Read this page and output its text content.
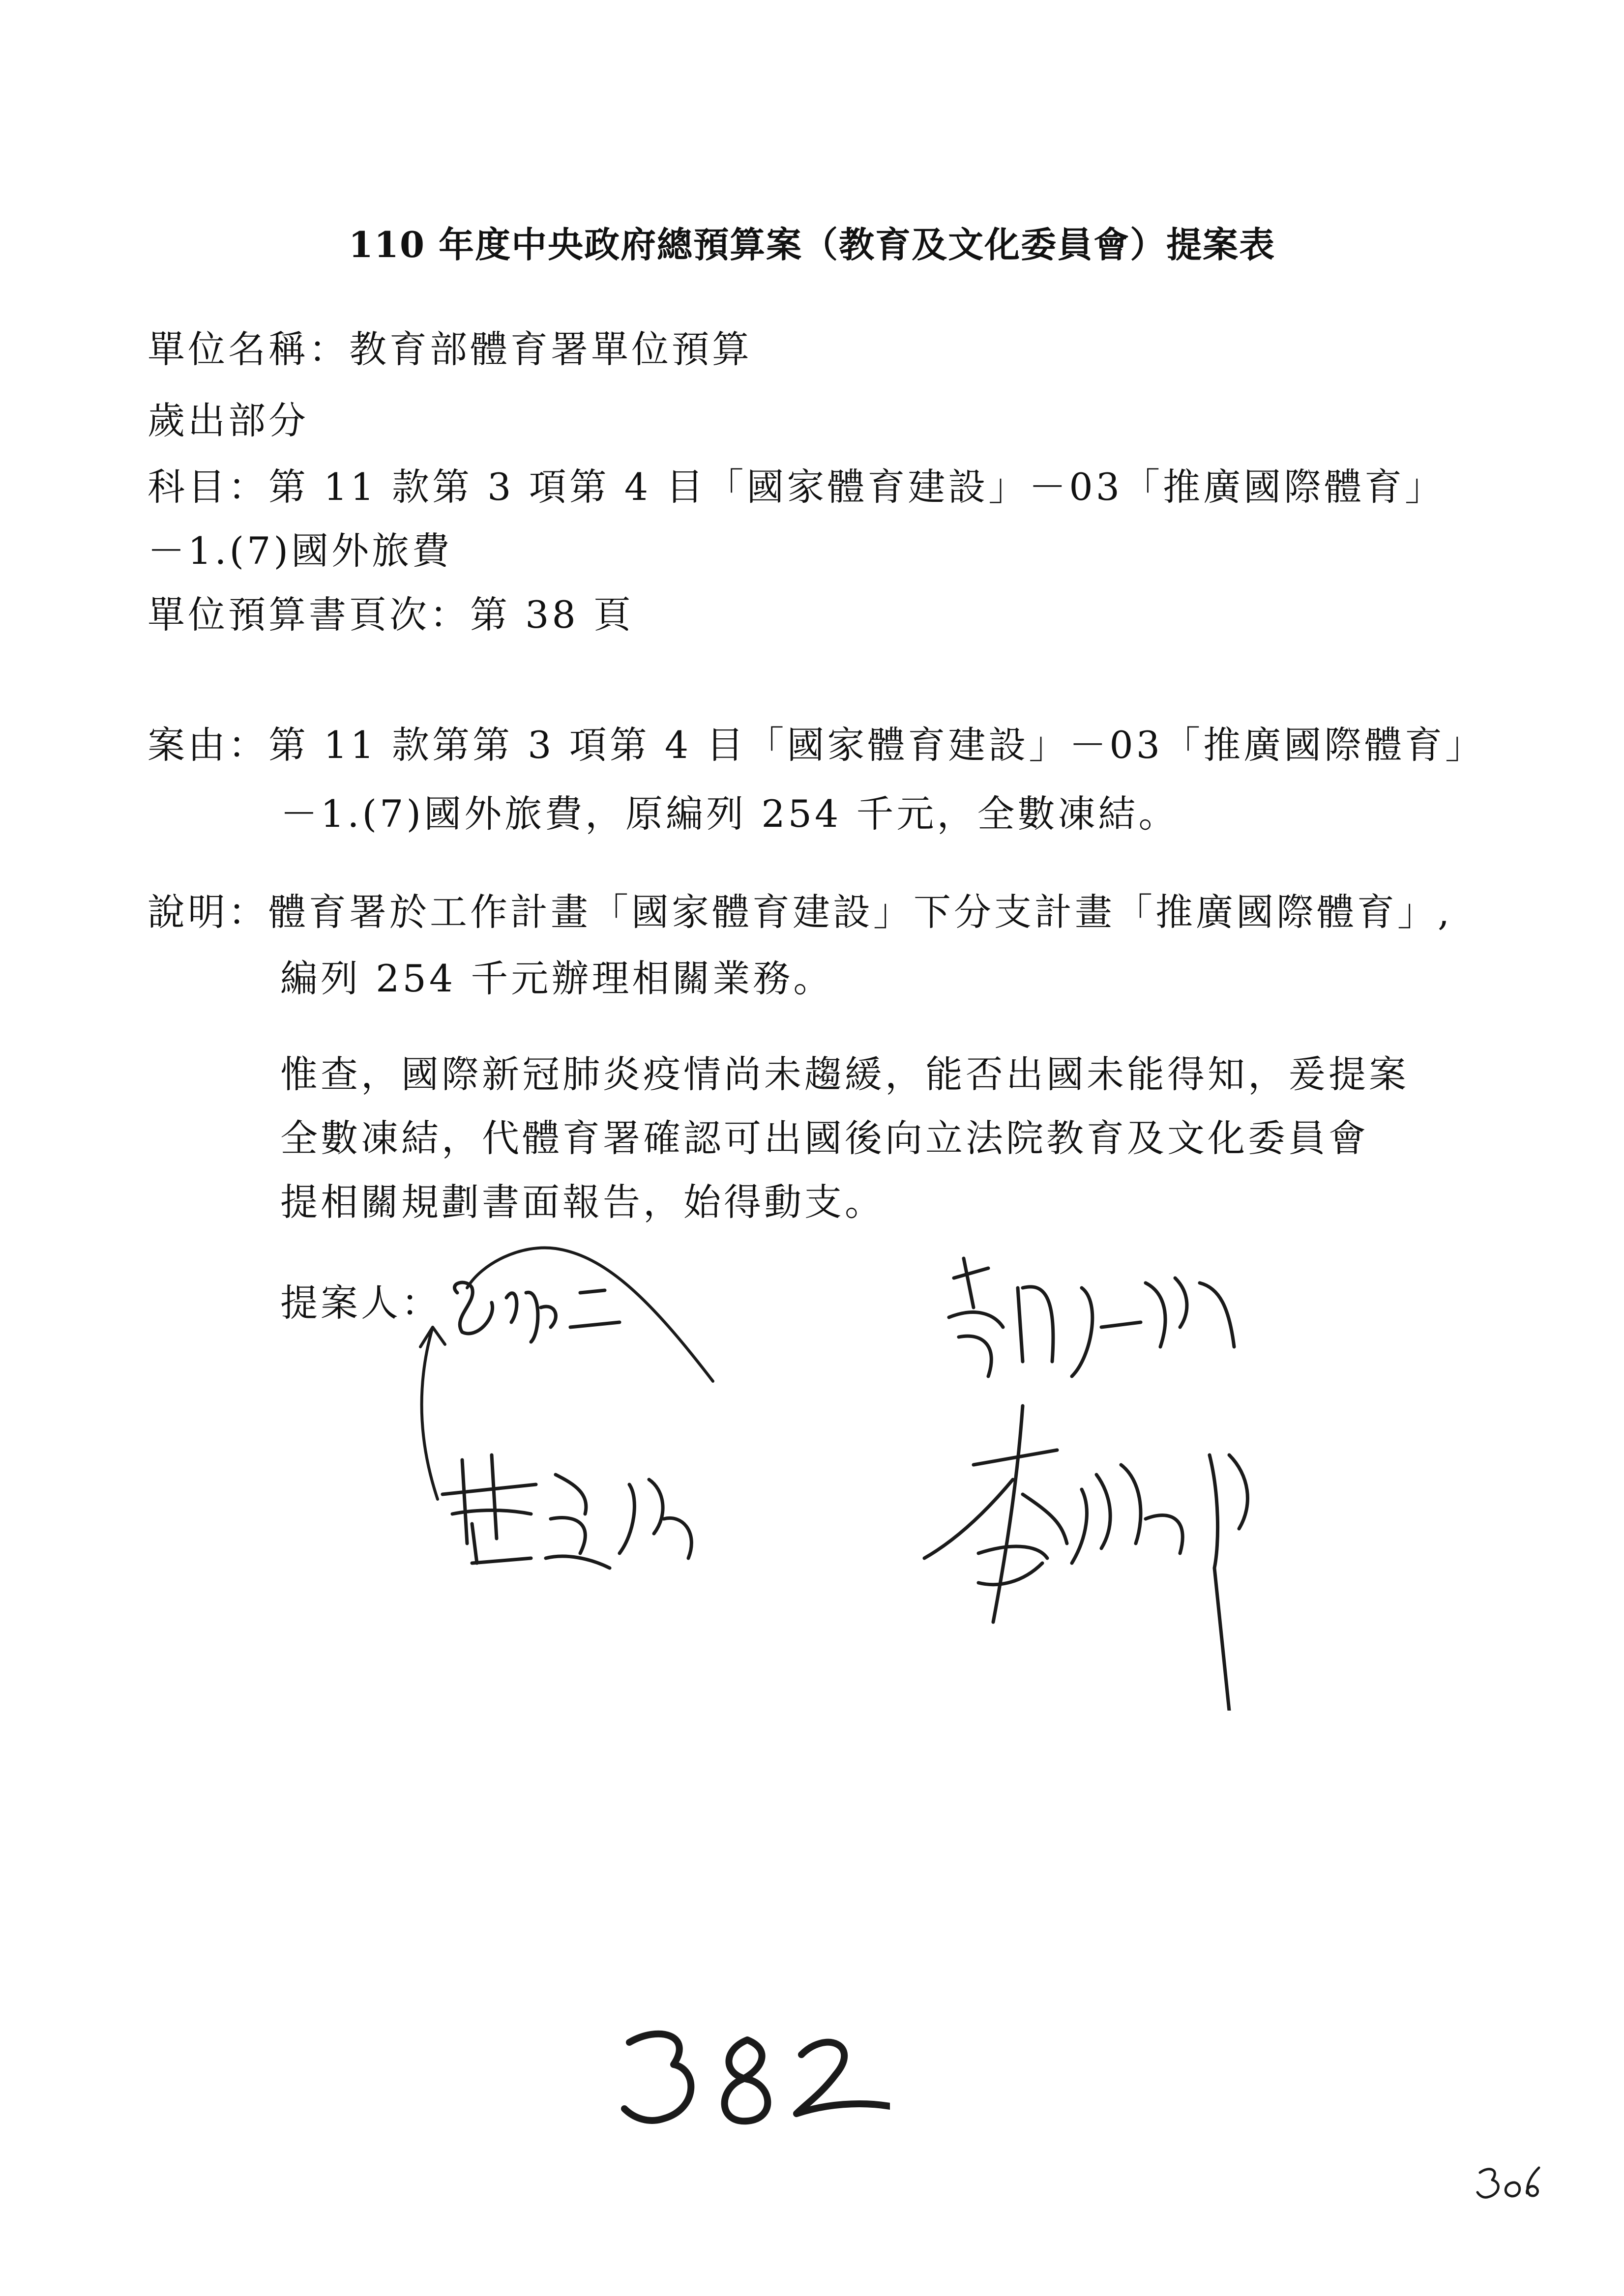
110 年度中央政府總預算案（教育及文化委員會）提案表
單位名稱：教育部體育署單位預算
歲出部分
科目：第 11 款第 3 項第 4 目「國家體育建設」－03「推廣國際體育」
－1.(7)國外旅費
單位預算書頁次：第 38 頁
案由：第 11 款第第 3 項第 4 目「國家體育建設」－03「推廣國際體育」
－1.(7)國外旅費，原編列 254 千元，全數凍結。
說明：體育署於工作計畫「國家體育建設」下分支計畫「推廣國際體育」,
編列 254 千元辦理相關業務。
惟查，國際新冠肺炎疫情尚未趨緩，能否出國未能得知，爰提案
全數凍結，代體育署確認可出國後向立法院教育及文化委員會
提相關規劃書面報告，始得動支。
提案人：
